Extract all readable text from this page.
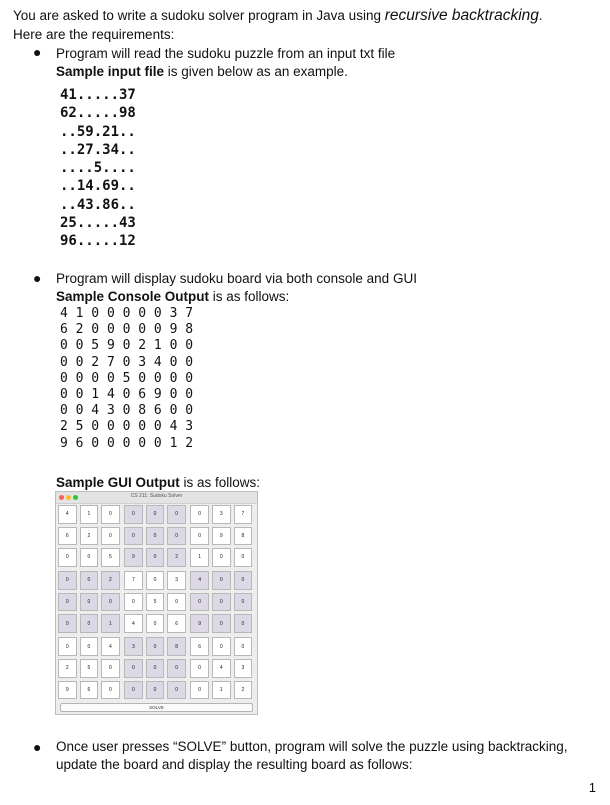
You are asked to write a sudoku solver program in Java using recursive backtracking.
Here are the requirements:
● Program will read the sudoku puzzle from an input txt file
Sample input file is given below as an example.
41.....37
62.....98
..59.21..
..27.34..
....5....
..14.69..
..43.86..
25.....43
96.....12
● Program will display sudoku board via both console and GUI
Sample Console Output is as follows:
4 1 0 0 0 0 0 3 7
6 2 0 0 0 0 0 9 8
0 0 5 9 0 2 1 0 0
0 0 2 7 0 3 4 0 0
0 0 0 0 5 0 0 0 0
0 0 1 4 0 6 9 0 0
0 0 4 3 0 8 6 0 0
2 5 0 0 0 0 0 4 3
9 6 0 0 0 0 0 1 2
Sample GUI Output is as follows:
CS 211: Sudoku Solver
4	1	0	0	0	0	0	3	7
6	2	0	0	0	0	0	9	8
0	0	5	9	0	2	1	0	0
0	0	2	7	0	3	4	0	0
0	0	0	0	5	0	0	0	0
0	0	1	4	0	6	9	0	0
0	0	4	3	0	8	6	0	0
2	5	0	0	0	0	0	4	3
9	6	0	0	0	0	0	1	2
SOLVE
● Once user presses “SOLVE” button, program will solve the puzzle using backtracking,
update the board and display the resulting board as follows:
1
